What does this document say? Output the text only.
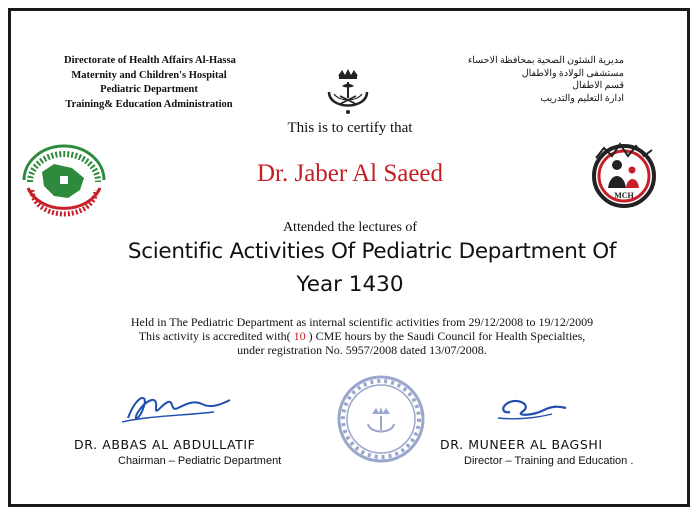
Directorate of Health Affairs Al-Hassa
Maternity and Children's Hospital
Pediatric Department
Training& Education Administration
مديرية الشئون الصحية بمحافظة الاحساء
مستشفى الولادة والاطفال
قسم الاطفال
ادارة التعليم والتدريب
MCH
This is to certify that
Dr. Jaber Al Saeed
Attended the lectures of
Scientific Activities Of Pediatric Department Of
Year 1430
Held in The Pediatric Department as internal scientific activities from 29/12/2008 to 19/12/2009
This activity is accredited with( 10 ) CME hours by the Saudi Council for Health Specialties,
under registration No. 5957/2008 dated 13/07/2008.
DR. ABBAS AL ABDULLATIF
Chairman – Pediatric Department
DR. MUNEER AL BAGSHI
Director – Training and Education .
